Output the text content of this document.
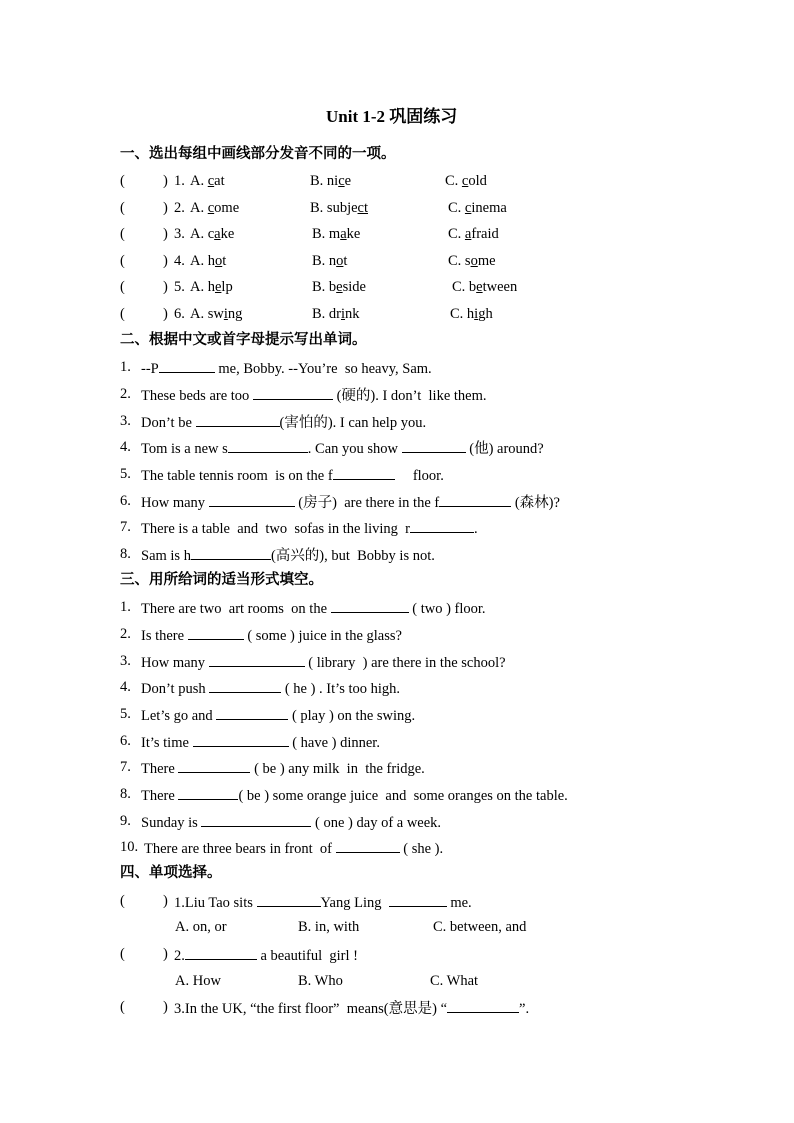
Unit 1-2 巩固练习
一、选出每组中画线部分发音不同的一项。
(	) 1. A. cat	B. nice	C. cold
(	) 2. A. come	B. subject	C. cinema
(	) 3. A. cake	B. make	C. afraid
(	) 4. A. hot	B. not	C. some
(	) 5. A. help	B. beside	C. between
(	) 6. A. swing	B. drink	C. high
二、根据中文或首字母提示写出单词。
1. --P	me, Bobby. --You’re  so heavy, Sam.
2. These beds are too	(硬的). I don’t  like them.
3. Don’t be	(害怕的). I can help you.
4. Tom is a new s	. Can you show	(他) around?
5. The table tennis room  is on the f	floor.
6. How many	(房子)  are there in the f	(森林)?
7. There is a table  and  two  sofas in the living  r	.
8. Sam is h	(高兴的), but  Bobby is not.
三、用所给词的适当形式填空。
1. There are two  art rooms  on the	( two ) floor.
2. Is there	( some ) juice in the glass?
3. How many	( library  ) are there in the school?
4. Don’t push	( he ) . It’s too high.
5. Let’s go and	( play ) on the swing.
6. It’s time	( have ) dinner.
7. There	( be ) any milk  in  the fridge.
8. There	( be ) some orange juice  and  some oranges on the table.
9. Sunday is	( one ) day of a week.
10. There are three bears in front  of	( she ).
四、单项选择。
(	) 1.Liu Tao sits	Yang Ling	me.
A. on, or	B. in, with	C. between, and
(	) 2.	a beautiful  girl !
A. How	B. Who	C. What
(	) 3.In the UK, “the first floor”  means(意思是) “	”.
